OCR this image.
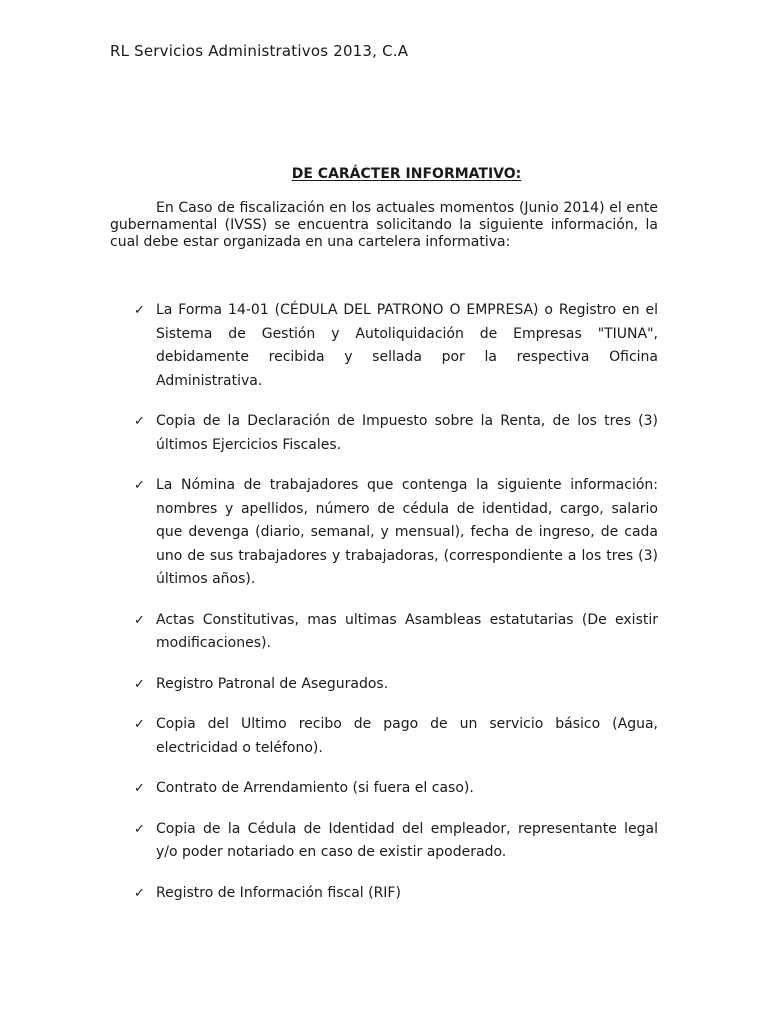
RL Servicios Administrativos 2013, C.A
DE CARÁCTER INFORMATIVO:

En Caso de fiscalización en los actuales momentos (Junio 2014) el ente gubernamental (IVSS) se encuentra solicitando la siguiente información, la cual debe estar organizada en una cartelera informativa:

✓ La Forma 14-01 (CÉDULA DEL PATRONO O EMPRESA) o Registro en el Sistema de Gestión y Autoliquidación de Empresas "TIUNA", debidamente recibida y sellada por la respectiva Oficina Administrativa.
✓ Copia de la Declaración de Impuesto sobre la Renta, de los tres (3) últimos Ejercicios Fiscales.
✓ La Nómina de trabajadores que contenga la siguiente información: nombres y apellidos, número de cédula de identidad, cargo, salario que devenga (diario, semanal, y mensual), fecha de ingreso, de cada uno de sus trabajadores y trabajadoras, (correspondiente a los tres (3) últimos años).
✓ Actas Constitutivas, mas ultimas Asambleas estatutarias (De existir modificaciones).
✓ Registro Patronal de Asegurados.
✓ Copia del Ultimo recibo de pago de un servicio básico (Agua, electricidad o teléfono).
✓ Contrato de Arrendamiento (si fuera el caso).
✓ Copia de la Cédula de Identidad del empleador, representante legal y/o poder notariado en caso de existir apoderado.
✓ Registro de Información fiscal (RIF)
